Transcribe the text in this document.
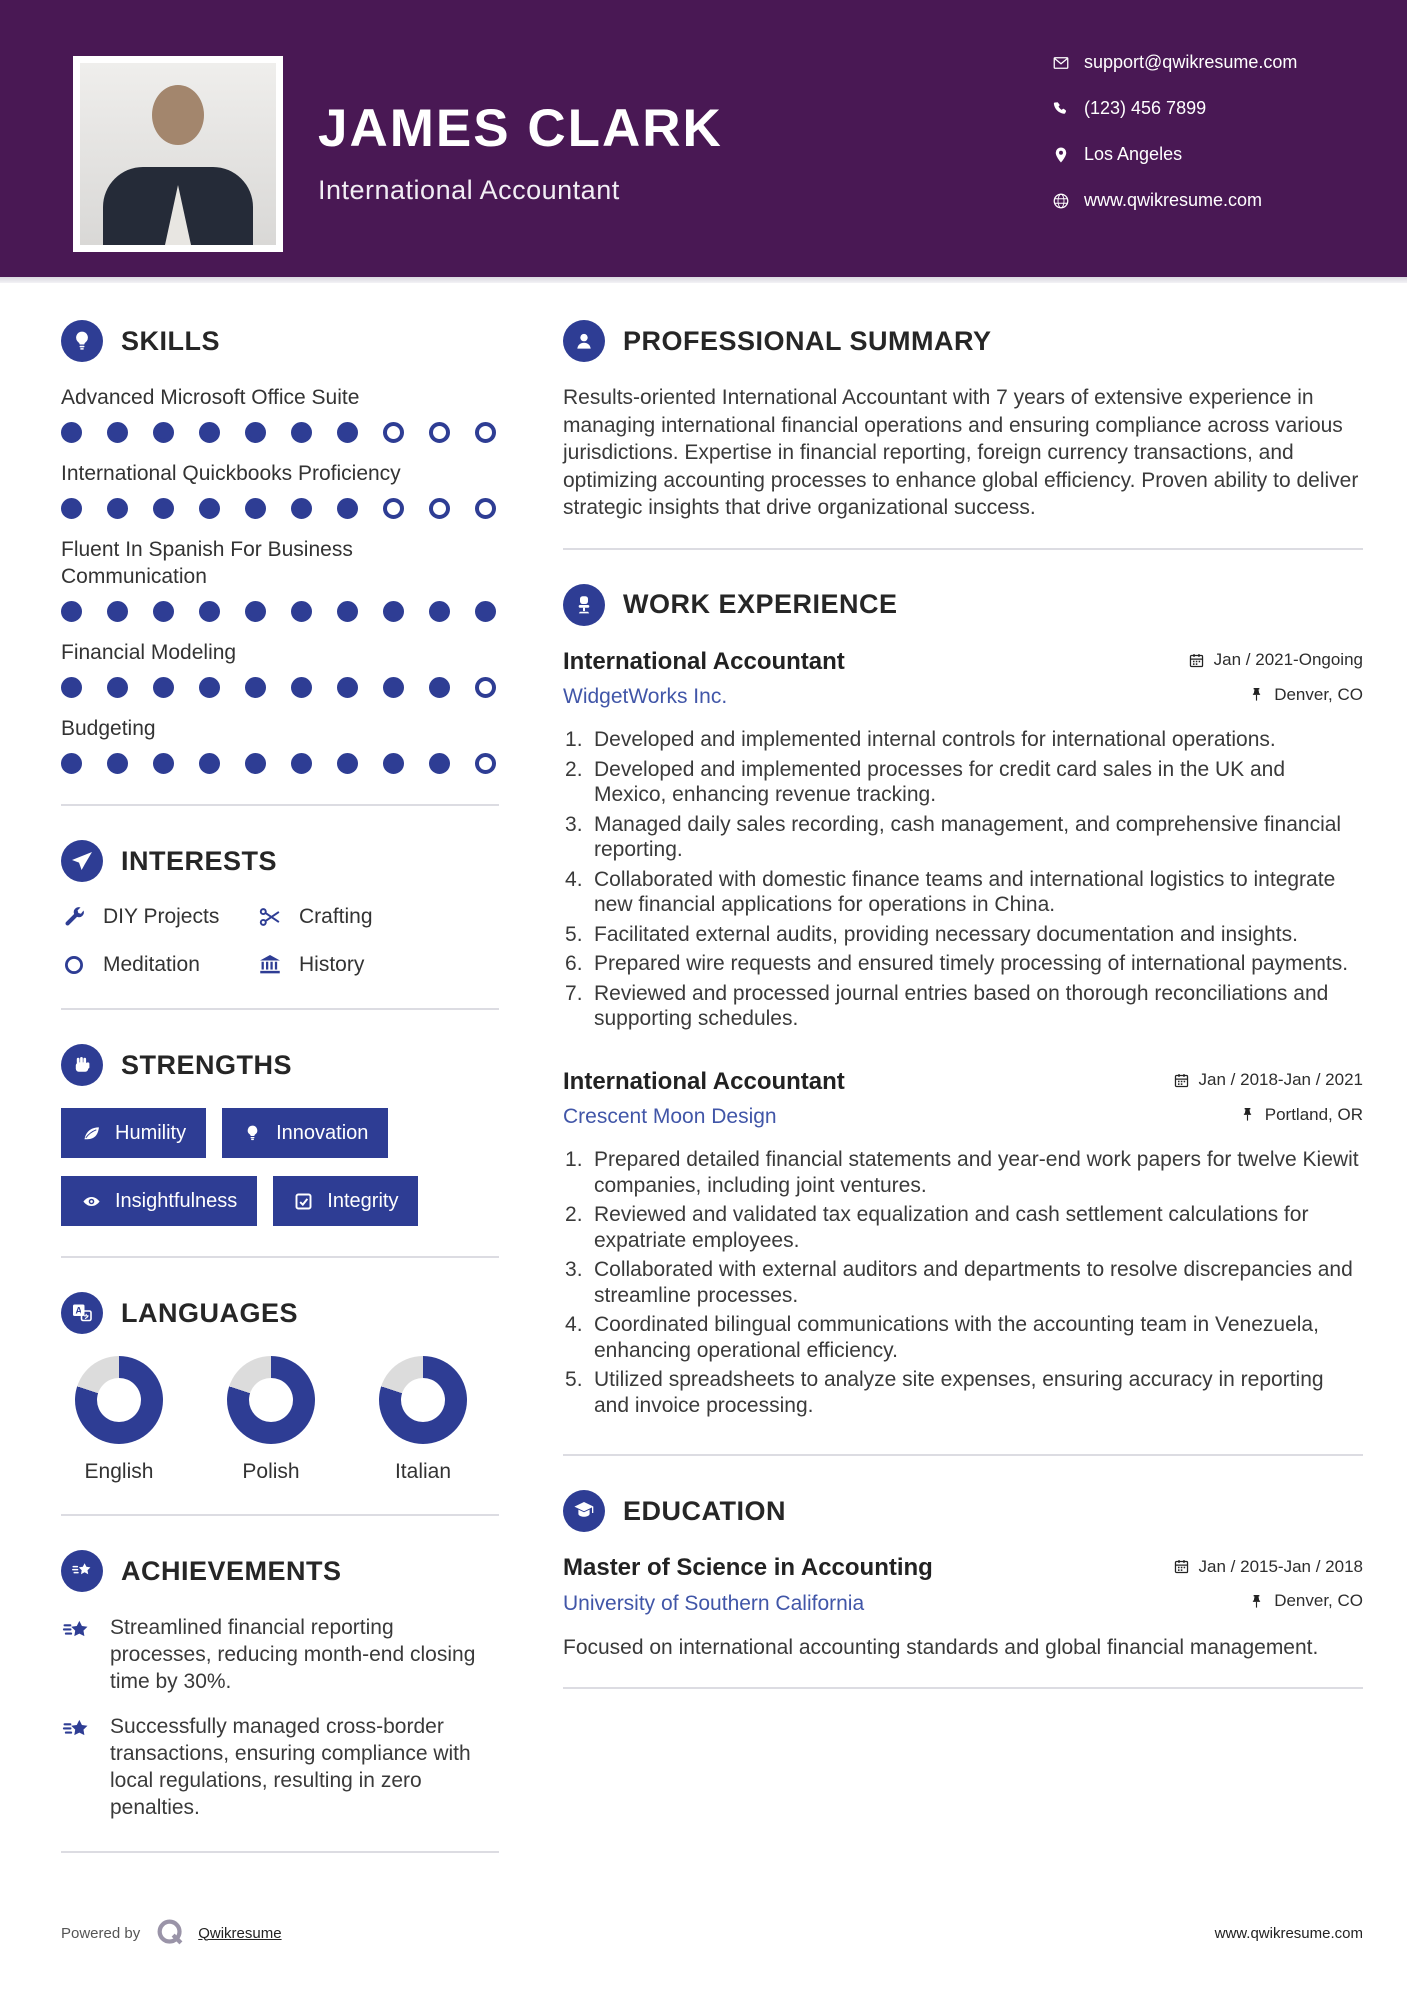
JAMES CLARK
International Accountant
support@qwikresume.com
(123) 456 7899
Los Angeles
www.qwikresume.com
SKILLS
Advanced Microsoft Office Suite
International Quickbooks Proficiency
Fluent In Spanish For Business Communication
Financial Modeling
Budgeting
INTERESTS
DIY Projects	Crafting
Meditation	History
STRENGTHS
Humility	Innovation
Insightfulness	Integrity
A LANGUAGES
English	Polish	Italian
ACHIEVEMENTS

Streamlined financial reporting processes, reducing month-end closing time by 30%.

Successfully managed cross-border transactions, ensuring compliance with local regulations, resulting in zero penalties.

PROFESSIONAL SUMMARY

Results-oriented International Accountant with 7 years of extensive experience in managing international financial operations and ensuring compliance across various jurisdictions. Expertise in financial reporting, foreign currency transactions, and optimizing accounting processes to enhance global efficiency. Proven ability to deliver strategic insights that drive organizational success.

WORK EXPERIENCE
International Accountant	Jan / 2021-Ongoing
WidgetWorks Inc.	Denver, CO
Developed and implemented internal controls for international operations.
Developed and implemented processes for credit card sales in the UK and Mexico, enhancing revenue tracking.
Managed daily sales recording, cash management, and comprehensive financial reporting.
Collaborated with domestic finance teams and international logistics to integrate new financial applications for operations in China.
Facilitated external audits, providing necessary documentation and insights.
Prepared wire requests and ensured timely processing of international payments.
Reviewed and processed journal entries based on thorough reconciliations and supporting schedules.
International Accountant	Jan / 2018-Jan / 2021
Crescent Moon Design	Portland, OR
Prepared detailed financial statements and year-end work papers for twelve Kiewit companies, including joint ventures.
Reviewed and validated tax equalization and cash settlement calculations for expatriate employees.
Collaborated with external auditors and departments to resolve discrepancies and streamline processes.
Coordinated bilingual communications with the accounting team in Venezuela, enhancing operational efficiency.
Utilized spreadsheets to analyze site expenses, ensuring accuracy in reporting and invoice processing.
EDUCATION
Master of Science in Accounting	Jan / 2015-Jan / 2018
University of Southern California	Denver, CO

Focused on international accounting standards and global financial management.

Powered by	Qwikresume	www.qwikresume.com
